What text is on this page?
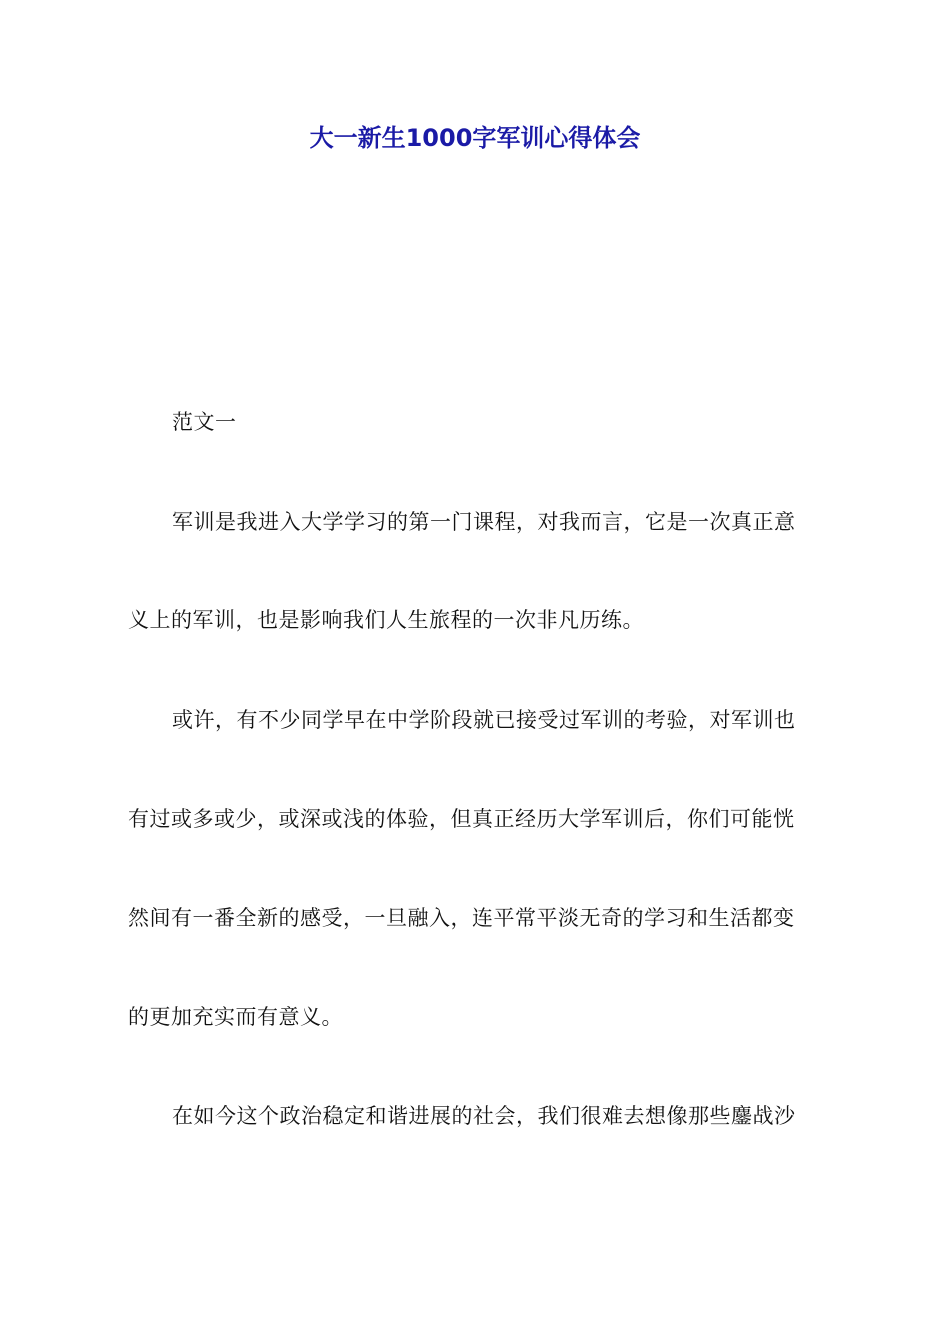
大一新生1000字军训心得体会
范文一
军训是我进入大学学习的第一门课程，对我而言，它是一次真正意
义上的军训，也是影响我们人生旅程的一次非凡历练。
或许，有不少同学早在中学阶段就已接受过军训的考验，对军训也
有过或多或少，或深或浅的体验，但真正经历大学军训后，你们可能恍
然间有一番全新的感受，一旦融入，连平常平淡无奇的学习和生活都变
的更加充实而有意义。
在如今这个政治稳定和谐进展的社会，我们很难去想像那些鏖战沙
